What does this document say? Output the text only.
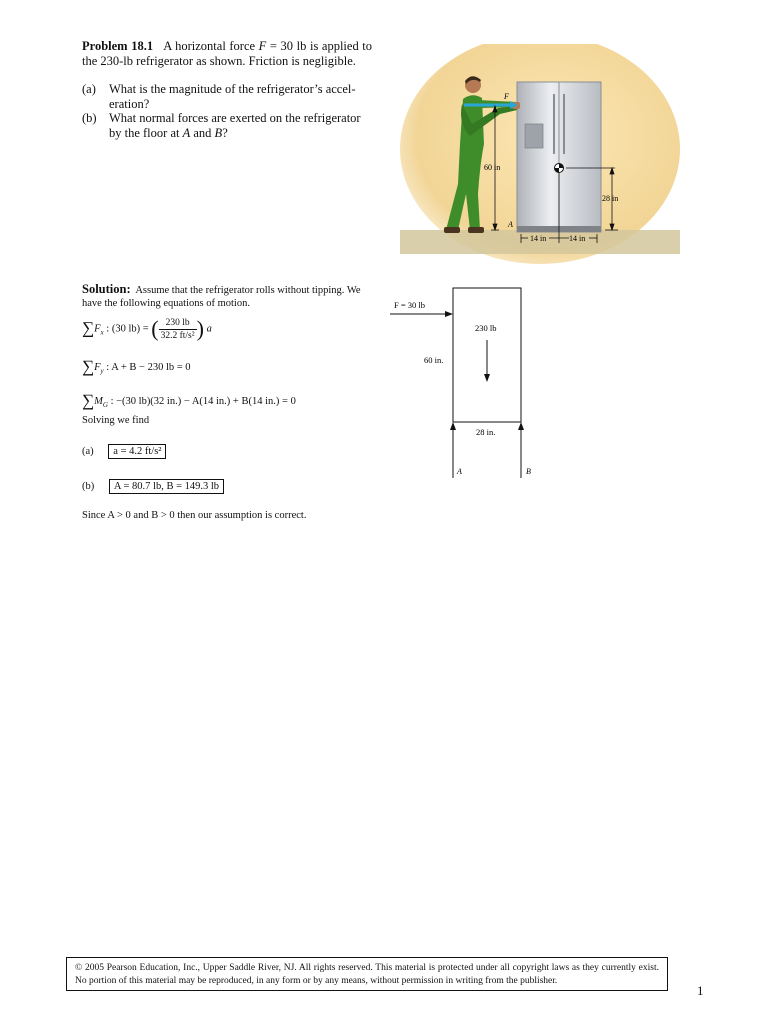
Problem 18.1 A horizontal force F = 30 lb is applied to the 230-lb refrigerator as shown. Friction is negligible.
(a) What is the magnitude of the refrigerator’s accel-eration?
(b) What normal forces are exerted on the refrigerator by the floor at A and B?
F
60 in
A
28 in
14 in	14 in
Solution: Assume that the refrigerator rolls without tipping. We have the following equations of motion.
$\sum F_x$ : (30 lb) = ( $\frac{230 lb}{\text{32.2 ft/s²}}$ ) a
$\sum F_y$ : A + B − 230 lb = 0
$\sum M_G$ : −(30 lb)(32 in.) − A(14 in.) + B(14 in.) = 0
Solving we find
(a) a = 4.2 ft/s²
(b) A = 80.7 lb, B = 149.3 lb
Since A > 0 and B > 0 then our assumption is correct.
F = 30 lb
230 lb
60 in.
28 in.
A	B
© 2005 Pearson Education, Inc., Upper Saddle River, NJ. All rights reserved. This material is protected under all copyright laws as they currently exist. No portion of this material may be reproduced, in any form or by any means, without permission in writing from the publisher.
1
